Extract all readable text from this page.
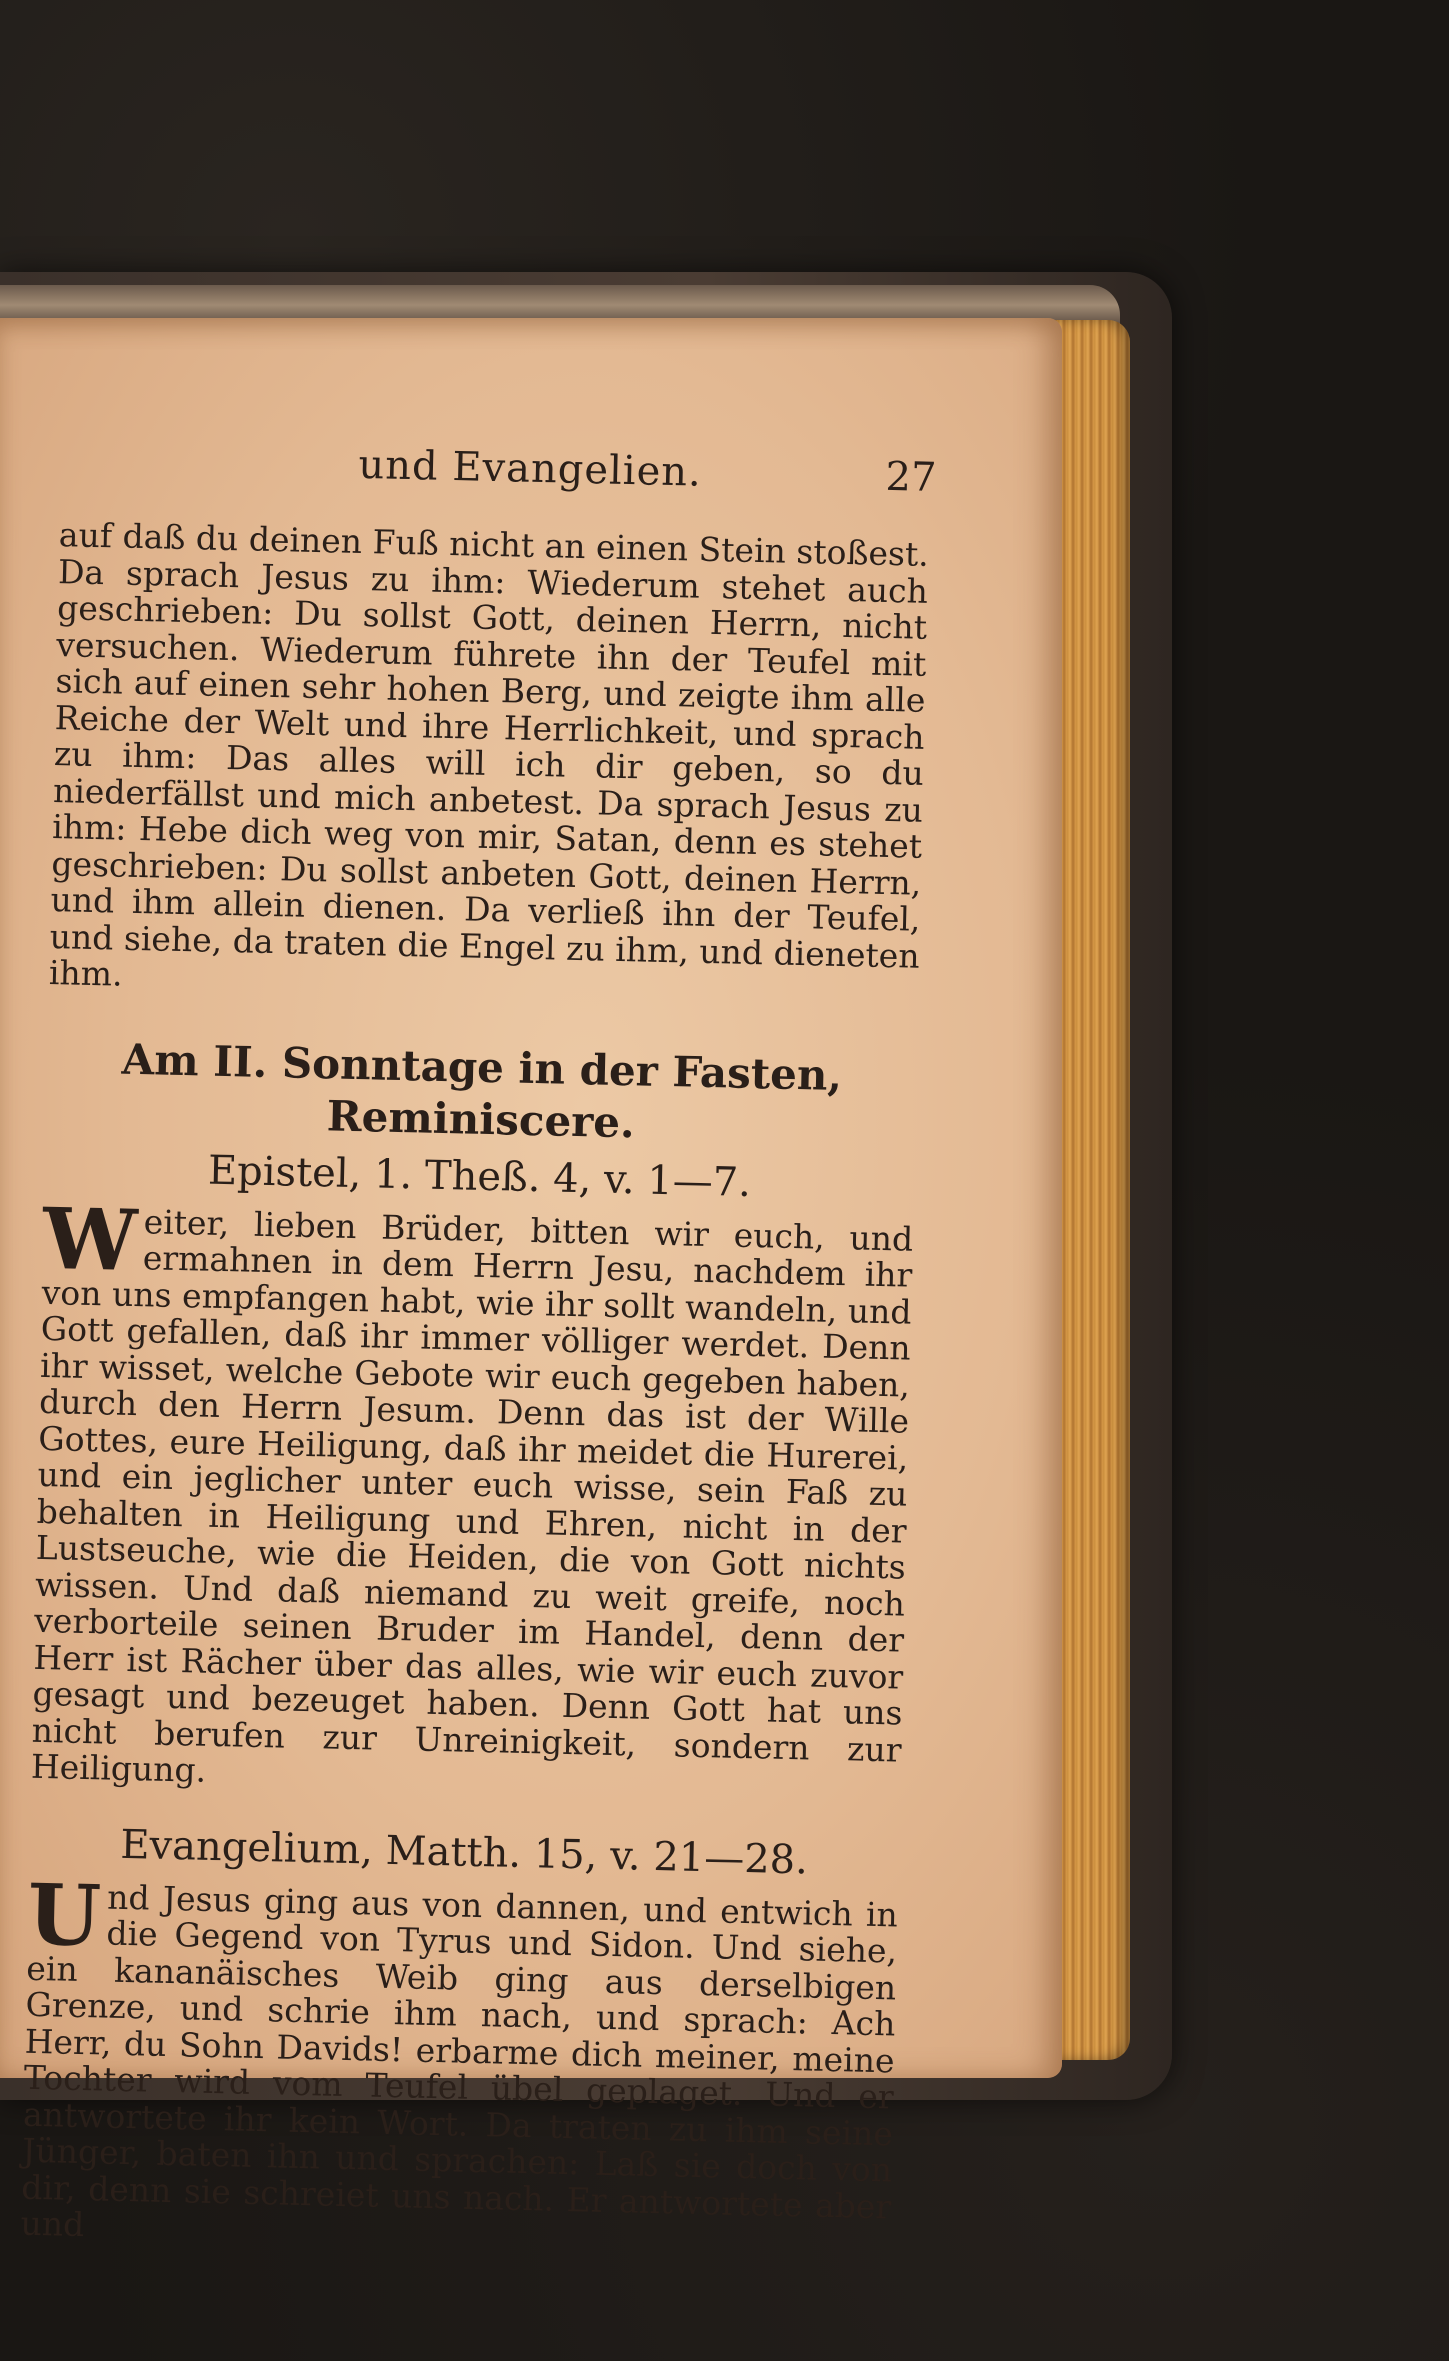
und Evangelien.	27

auf daß du deinen Fuß nicht an einen Stein stoßest. Da sprach Jesus zu ihm: Wiederum stehet auch geschrieben: Du sollst Gott, deinen Herrn, nicht versuchen. Wiederum führete ihn der Teufel mit sich auf einen sehr hohen Berg, und zeigte ihm alle Reiche der Welt und ihre Herrlichkeit, und sprach zu ihm: Das alles will ich dir geben, so du niederfällst und mich anbetest. Da sprach Jesus zu ihm: Hebe dich weg von mir, Satan, denn es stehet geschrieben: Du sollst anbeten Gott, deinen Herrn, und ihm allein dienen. Da verließ ihn der Teufel, und siehe, da traten die Engel zu ihm, und dieneten ihm.

Am II. Sonntage in der Fasten,
Reminiscere.
Epistel, 1. Theß. 4, v. 1—7.

Weiter, lieben Brüder, bitten wir euch, und ermahnen in dem Herrn Jesu, nachdem ihr von uns empfangen habt, wie ihr sollt wandeln, und Gott gefallen, daß ihr immer völliger werdet. Denn ihr wisset, welche Gebote wir euch gegeben haben, durch den Herrn Jesum. Denn das ist der Wille Gottes, eure Heiligung, daß ihr meidet die Hurerei, und ein jeglicher unter euch wisse, sein Faß zu behalten in Heiligung und Ehren, nicht in der Lustseuche, wie die Heiden, die von Gott nichts wissen. Und daß niemand zu weit greife, noch verborteile seinen Bruder im Handel, denn der Herr ist Rächer über das alles, wie wir euch zuvor gesagt und bezeuget haben. Denn Gott hat uns nicht berufen zur Unreinigkeit, sondern zur Heiligung.

Evangelium, Matth. 15, v. 21—28.

Und Jesus ging aus von dannen, und entwich in die Gegend von Tyrus und Sidon. Und siehe, ein kananäisches Weib ging aus derselbigen Grenze, und schrie ihm nach, und sprach: Ach Herr, du Sohn Davids! erbarme dich meiner, meine Tochter wird vom Teufel übel geplaget. Und er antwortete ihr kein Wort. Da traten zu ihm seine Jünger, baten ihn und sprachen: Laß sie doch von dir, denn sie schreiet uns nach. Er antwortete aber und
